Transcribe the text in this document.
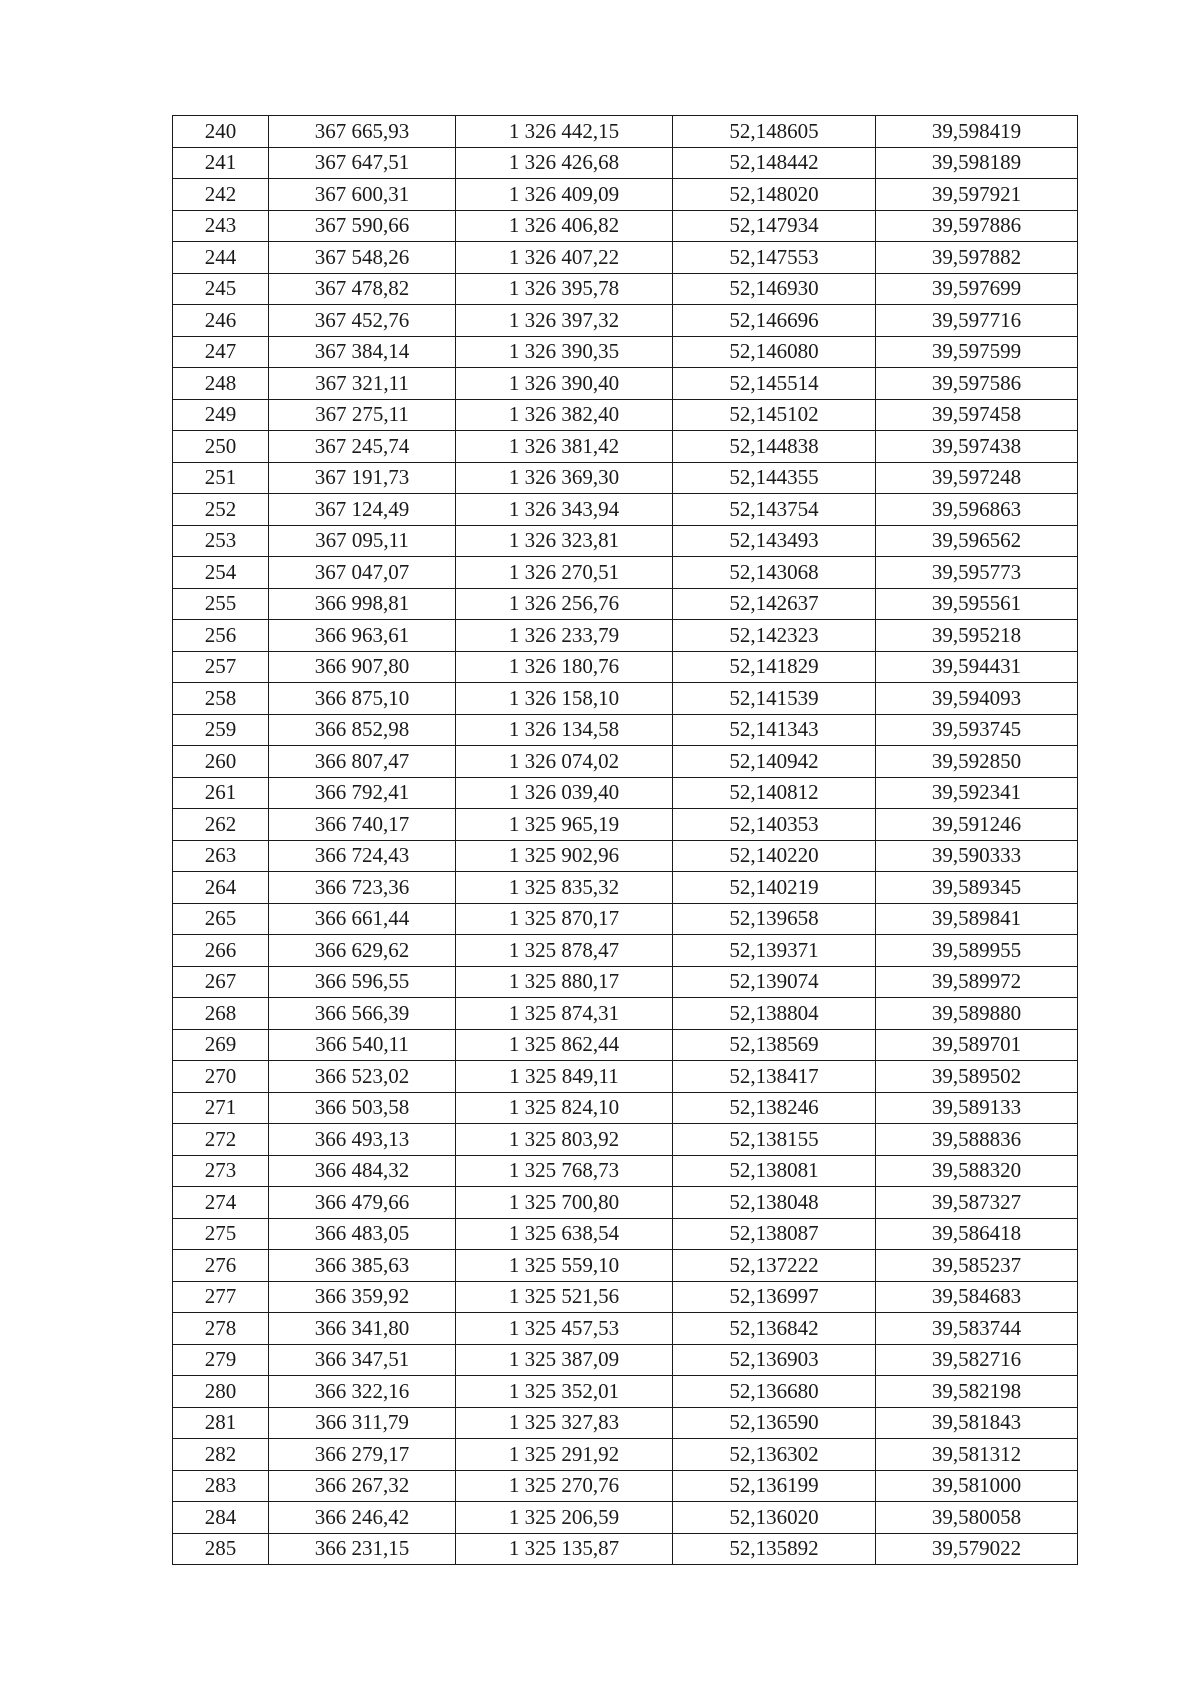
240	367 665,93	1 326 442,15	52,148605	39,598419
241	367 647,51	1 326 426,68	52,148442	39,598189
242	367 600,31	1 326 409,09	52,148020	39,597921
243	367 590,66	1 326 406,82	52,147934	39,597886
244	367 548,26	1 326 407,22	52,147553	39,597882
245	367 478,82	1 326 395,78	52,146930	39,597699
246	367 452,76	1 326 397,32	52,146696	39,597716
247	367 384,14	1 326 390,35	52,146080	39,597599
248	367 321,11	1 326 390,40	52,145514	39,597586
249	367 275,11	1 326 382,40	52,145102	39,597458
250	367 245,74	1 326 381,42	52,144838	39,597438
251	367 191,73	1 326 369,30	52,144355	39,597248
252	367 124,49	1 326 343,94	52,143754	39,596863
253	367 095,11	1 326 323,81	52,143493	39,596562
254	367 047,07	1 326 270,51	52,143068	39,595773
255	366 998,81	1 326 256,76	52,142637	39,595561
256	366 963,61	1 326 233,79	52,142323	39,595218
257	366 907,80	1 326 180,76	52,141829	39,594431
258	366 875,10	1 326 158,10	52,141539	39,594093
259	366 852,98	1 326 134,58	52,141343	39,593745
260	366 807,47	1 326 074,02	52,140942	39,592850
261	366 792,41	1 326 039,40	52,140812	39,592341
262	366 740,17	1 325 965,19	52,140353	39,591246
263	366 724,43	1 325 902,96	52,140220	39,590333
264	366 723,36	1 325 835,32	52,140219	39,589345
265	366 661,44	1 325 870,17	52,139658	39,589841
266	366 629,62	1 325 878,47	52,139371	39,589955
267	366 596,55	1 325 880,17	52,139074	39,589972
268	366 566,39	1 325 874,31	52,138804	39,589880
269	366 540,11	1 325 862,44	52,138569	39,589701
270	366 523,02	1 325 849,11	52,138417	39,589502
271	366 503,58	1 325 824,10	52,138246	39,589133
272	366 493,13	1 325 803,92	52,138155	39,588836
273	366 484,32	1 325 768,73	52,138081	39,588320
274	366 479,66	1 325 700,80	52,138048	39,587327
275	366 483,05	1 325 638,54	52,138087	39,586418
276	366 385,63	1 325 559,10	52,137222	39,585237
277	366 359,92	1 325 521,56	52,136997	39,584683
278	366 341,80	1 325 457,53	52,136842	39,583744
279	366 347,51	1 325 387,09	52,136903	39,582716
280	366 322,16	1 325 352,01	52,136680	39,582198
281	366 311,79	1 325 327,83	52,136590	39,581843
282	366 279,17	1 325 291,92	52,136302	39,581312
283	366 267,32	1 325 270,76	52,136199	39,581000
284	366 246,42	1 325 206,59	52,136020	39,580058
285	366 231,15	1 325 135,87	52,135892	39,579022
